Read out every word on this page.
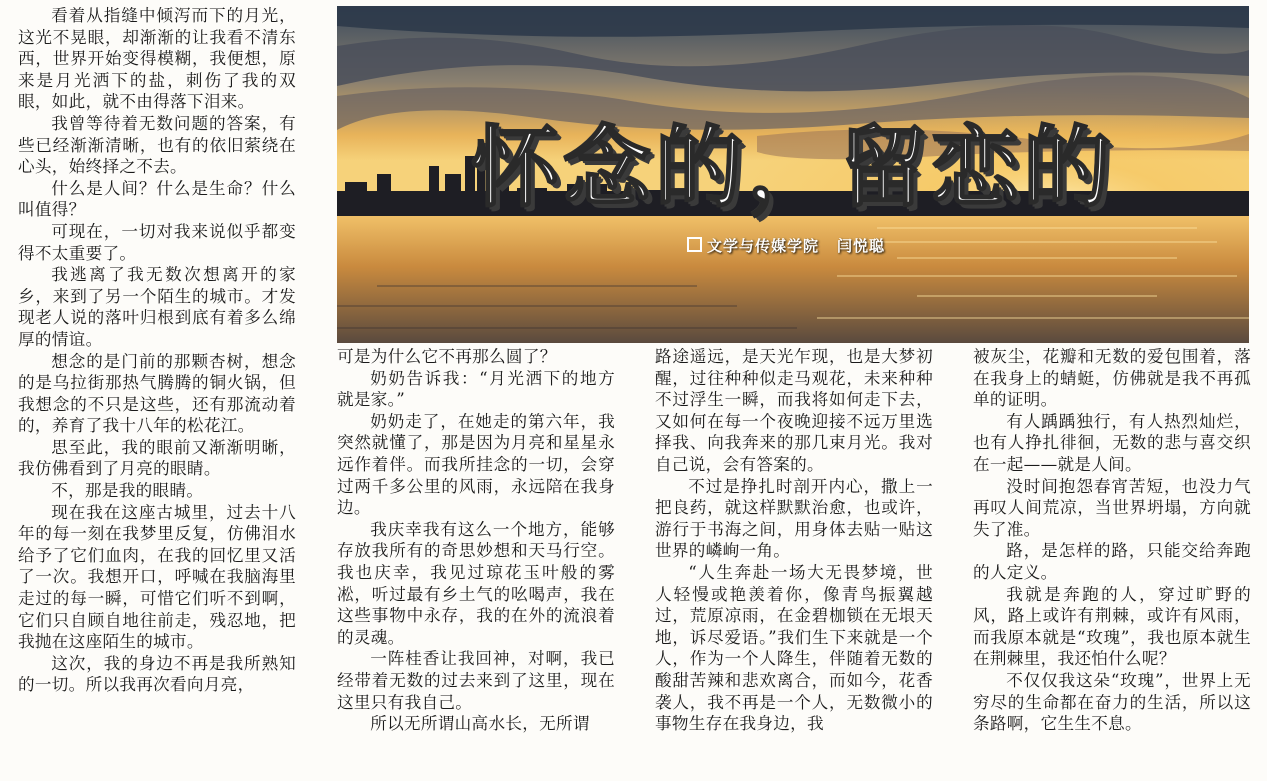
看着从指缝中倾泻而下的月光，这光不晃眼，却渐渐的让我看不清东西，世界开始变得模糊，我便想，原来是月光洒下的盐，刺伤了我的双眼，如此，就不由得落下泪来。

我曾等待着无数问题的答案，有些已经渐渐清晰，也有的依旧萦绕在心头，始终择之不去。

什么是人间？什么是生命？什么叫值得？

可现在，一切对我来说似乎都变得不太重要了。

我逃离了我无数次想离开的家乡，来到了另一个陌生的城市。才发现老人说的落叶归根到底有着多么绵厚的情谊。

想念的是门前的那颗杏树，想念的是乌拉街那热气腾腾的铜火锅，但我想念的不只是这些，还有那流动着的，养育了我十八年的松花江。

思至此，我的眼前又渐渐明晰，我仿佛看到了月亮的眼睛。

不，那是我的眼睛。

现在我在这座古城里，过去十八年的每一刻在我梦里反复，仿佛泪水给予了它们血肉，在我的回忆里又活了一次。我想开口，呼喊在我脑海里走过的每一瞬，可惜它们听不到啊，它们只自顾自地往前走，残忍地，把我抛在这座陌生的城市。

这次，我的身边不再是我所熟知的一切。所以我再次看向月亮，

怀念的，留恋的
文学与传媒学院 闫悦聪

可是为什么它不再那么圆了？

奶奶告诉我：“月光洒下的地方就是家。”

奶奶走了，在她走的第六年，我突然就懂了，那是因为月亮和星星永远作着伴。而我所挂念的一切，会穿过两千多公里的风雨，永远陪在我身边。

我庆幸我有这么一个地方，能够存放我所有的奇思妙想和天马行空。我也庆幸，我见过琼花玉叶般的雾凇，听过最有乡土气的吆喝声，我在这些事物中永存，我的在外的流浪着的灵魂。

一阵桂香让我回神，对啊，我已经带着无数的过去来到了这里，现在这里只有我自己。

所以无所谓山高水长，无所谓

路途遥远，是天光乍现，也是大梦初醒，过往种种似走马观花，未来种种不过浮生一瞬，而我将如何走下去，又如何在每一个夜晚迎接不远万里选择我、向我奔来的那几束月光。我对自己说，会有答案的。

不过是挣扎时剖开内心，撒上一把良药，就这样默默治愈，也或许，游行于书海之间，用身体去贴一贴这世界的嶙峋一角。

“人生奔赴一场大无畏梦境，世人轻慢或艳羡着你，像青鸟振翼越过，荒原凉雨，在金碧枷锁在无垠天地，诉尽爱语。”我们生下来就是一个人，作为一个人降生，伴随着无数的酸甜苦辣和悲欢离合，而如今，花香袭人，我不再是一个人，无数微小的事物生存在我身边，我

被灰尘，花瓣和无数的爱包围着，落在我身上的蜻蜓，仿佛就是我不再孤单的证明。

有人踽踽独行，有人热烈灿烂，也有人挣扎徘徊，无数的悲与喜交织在一起——就是人间。

没时间抱怨春宵苦短，也没力气再叹人间荒凉，当世界坍塌，方向就失了准。

路，是怎样的路，只能交给奔跑的人定义。

我就是奔跑的人，穿过旷野的风，路上或许有荆棘，或许有风雨，而我原本就是“玫瑰”，我也原本就生在荆棘里，我还怕什么呢？

不仅仅我这朵“玫瑰”，世界上无穷尽的生命都在奋力的生活，所以这条路啊，它生生不息。
